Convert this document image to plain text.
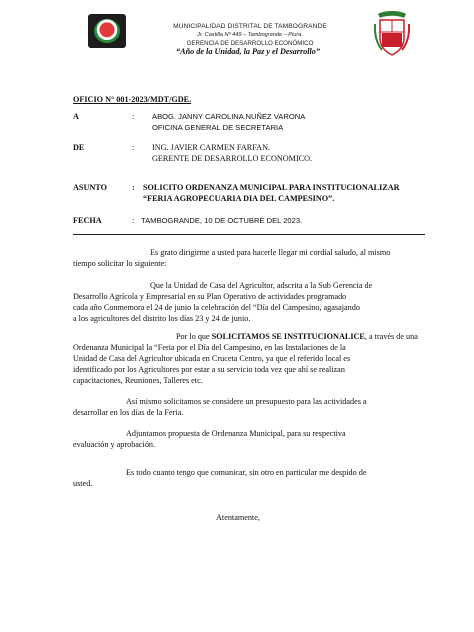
MUNICIPALIDAD DISTRITAL DE TAMBOGRANDE
Jr. Castilla Nº 449 – Tambogrande – Piura.
GERENCIA DE DESARROLLO ECONÓMICO
“Año de la Unidad, la Paz y el Desarrollo”
OFICIO N° 001-2023/MDT/GDE.
A	: ABOG. JANNY CAROLINA NUÑEZ VARONA
OFICINA GENERAL DE SECRETARIA
DE	: ING. JAVIER CARMEN FARFAN.
GERENTE DE DESARROLLO ECONOMICO.
ASUNTO	: SOLICITO ORDENANZA MUNICIPAL PARA INSTITUCIONALIZAR
“FERIA AGROPECUARIA DIA DEL CAMPESINO”.
FECHA	: TAMBOGRANDE, 10 DE OCTUBRE DEL 2023.
Es grato dirigirme a usted para hacerle llegar mi cordial saludo, al mismo
tiempo solicitar lo siguiente:
Que la Unidad de Casa del Agricultor, adscrita a la Sub Gerencia de
Desarrollo Agrícola y Empresarial en su Plan Operativo de actividades programado
cada año Conmemora el 24 de junio la celebración del “Día del Campesino, agasajando
a los agricultores del distrito los días 23 y 24 de junio.
Por lo que SOLICITAMOS SE INSTITUCIONALICE, a través de una
Ordenanza Municipal la “Feria por el Día del Campesino, en las Instalaciones de la
Unidad de Casa del Agricultor ubicada en Cruceta Centro, ya que el referido local es
identificado por los Agricultores por estar a su servicio toda vez que ahí se realizan
capacitaciones, Reuniones, Talleres etc.
Así mismo solicitamos se considere un presupuesto para las actividades a
desarrollar en los días de la Feria.
Adjuntamos propuesta de Ordenanza Municipal, para su respectiva
evaluación y aprobación.
Es todo cuanto tengo que comunicar, sin otro en particular me despido de
usted.
Atentamente,
